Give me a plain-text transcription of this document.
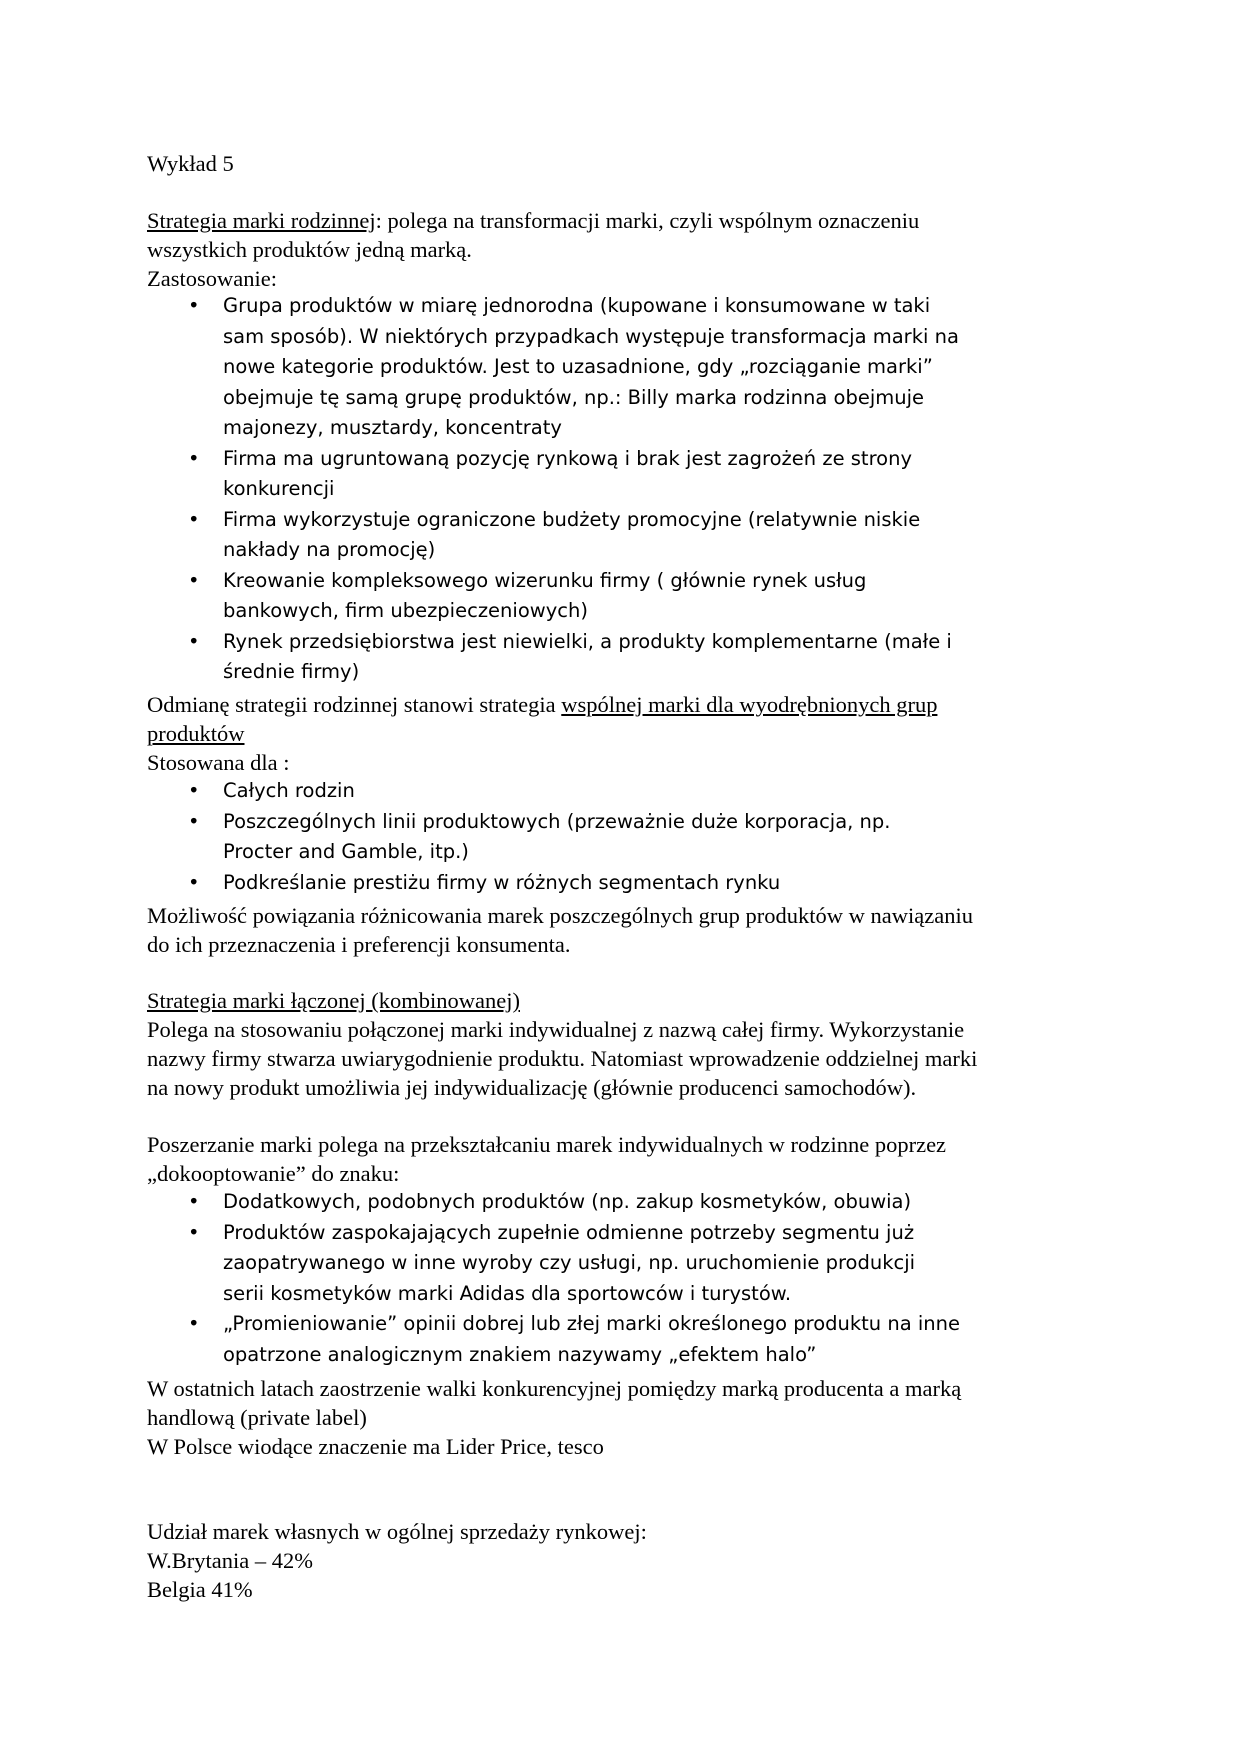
Wykład 5
Strategia marki rodzinnej: polega na transformacji marki, czyli wspólnym oznaczeniu
wszystkich produktów jedną marką.
Zastosowanie:
• Grupa produktów w miarę jednorodna (kupowane i konsumowane w taki
sam sposób). W niektórych przypadkach występuje transformacja marki na
nowe kategorie produktów. Jest to uzasadnione, gdy „rozciąganie marki”
obejmuje tę samą grupę produktów, np.: Billy marka rodzinna obejmuje
majonezy, musztardy, koncentraty
• Firma ma ugruntowaną pozycję rynkową i brak jest zagrożeń ze strony
konkurencji
• Firma wykorzystuje ograniczone budżety promocyjne (relatywnie niskie
nakłady na promocję)
• Kreowanie kompleksowego wizerunku firmy ( głównie rynek usług
bankowych, firm ubezpieczeniowych)
• Rynek przedsiębiorstwa jest niewielki, a produkty komplementarne (małe i
średnie firmy)
Odmianę strategii rodzinnej stanowi strategia wspólnej marki dla wyodrębnionych grup
produktów
Stosowana dla :
• Całych rodzin
• Poszczególnych linii produktowych (przeważnie duże korporacja, np.
Procter and Gamble, itp.)
• Podkreślanie prestiżu firmy w różnych segmentach rynku
Możliwość powiązania różnicowania marek poszczególnych grup produktów w nawiązaniu
do ich przeznaczenia i preferencji konsumenta.
Strategia marki łączonej (kombinowanej)
Polega na stosowaniu połączonej marki indywidualnej z nazwą całej firmy. Wykorzystanie
nazwy firmy stwarza uwiarygodnienie produktu. Natomiast wprowadzenie oddzielnej marki
na nowy produkt umożliwia jej indywidualizację (głównie producenci samochodów).
Poszerzanie marki polega na przekształcaniu marek indywidualnych w rodzinne poprzez
„dokooptowanie” do znaku:
• Dodatkowych, podobnych produktów (np. zakup kosmetyków, obuwia)
• Produktów zaspokajających zupełnie odmienne potrzeby segmentu już
zaopatrywanego w inne wyroby czy usługi, np. uruchomienie produkcji
serii kosmetyków marki Adidas dla sportowców i turystów.
• „Promieniowanie” opinii dobrej lub złej marki określonego produktu na inne
opatrzone analogicznym znakiem nazywamy „efektem halo”
W ostatnich latach zaostrzenie walki konkurencyjnej pomiędzy marką producenta a marką
handlową (private label)
W Polsce wiodące znaczenie ma Lider Price, tesco
Udział marek własnych w ogólnej sprzedaży rynkowej:
W.Brytania – 42%
Belgia 41%
